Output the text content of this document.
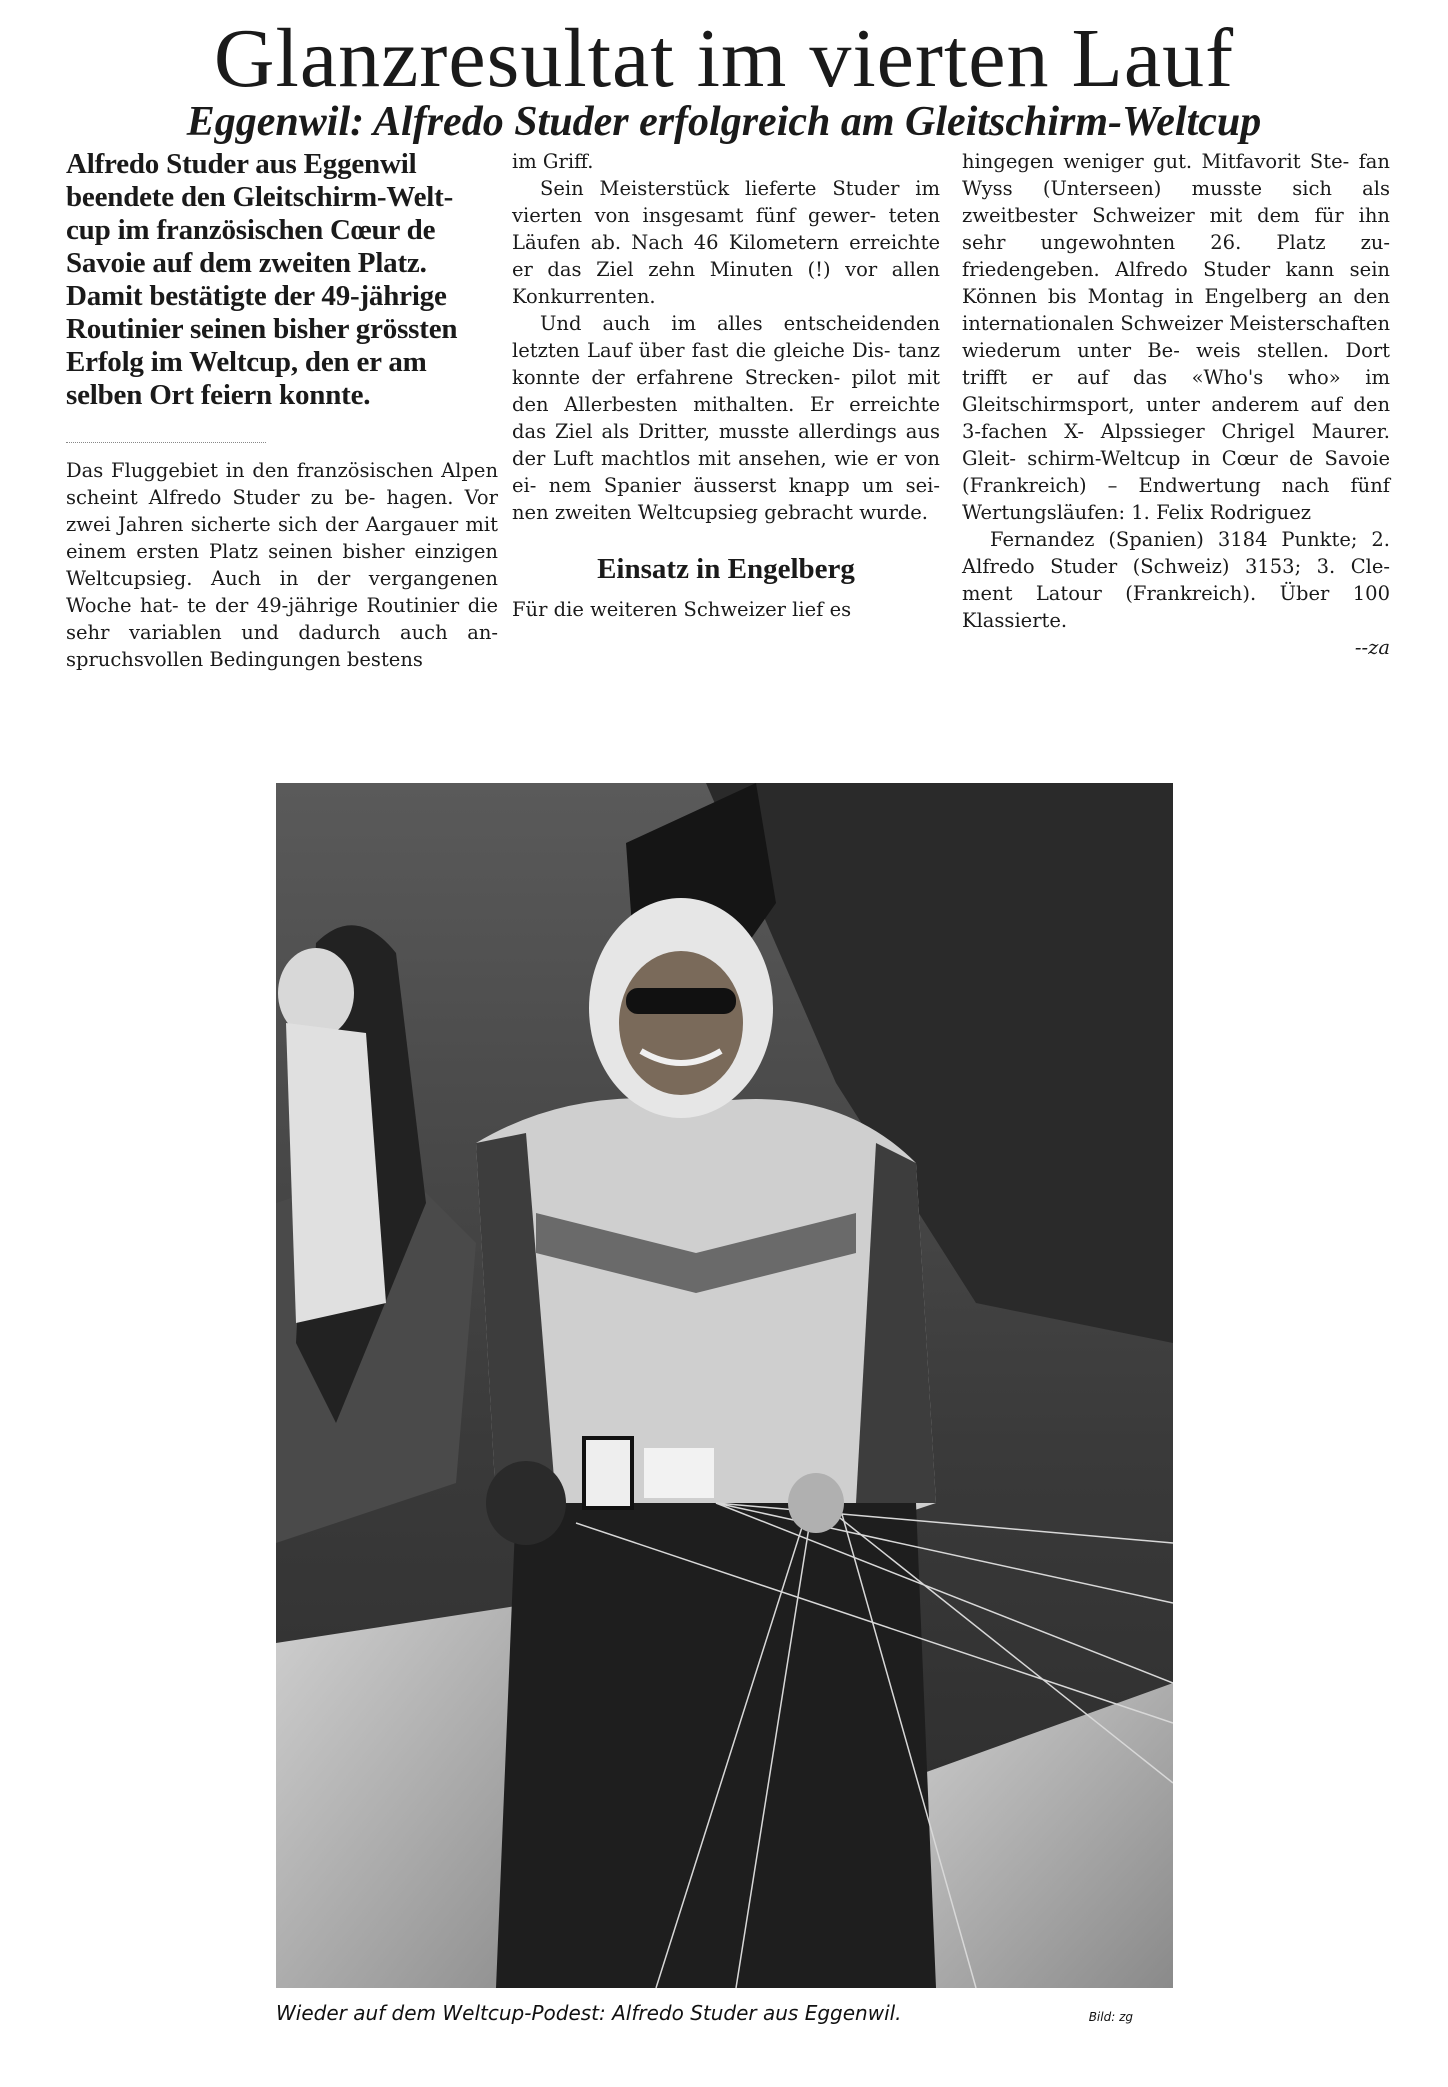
Glanzresultat im vierten Lauf
Eggenwil: Alfredo Studer erfolgreich am Gleitschirm-Weltcup

Alfredo Studer aus Eggenwil beendete den Gleitschirm-Welt- cup im französischen Cœur de Savoie auf dem zweiten Platz. Damit bestätigte der 49-jährige Routinier seinen bisher grössten Erfolg im Weltcup, den er am selben Ort feiern konnte.

Das Fluggebiet in den französischen Alpen scheint Alfredo Studer zu be- hagen. Vor zwei Jahren sicherte sich der Aargauer mit einem ersten Platz seinen bisher einzigen Weltcupsieg. Auch in der vergangenen Woche hat- te der 49-jährige Routinier die sehr variablen und dadurch auch an- spruchsvollen Bedingungen bestens

im Griff.

Sein Meisterstück lieferte Studer im vierten von insgesamt fünf gewer- teten Läufen ab. Nach 46 Kilometern erreichte er das Ziel zehn Minuten (!) vor allen Konkurrenten.

Und auch im alles entscheidenden letzten Lauf über fast die gleiche Dis- tanz konnte der erfahrene Strecken- pilot mit den Allerbesten mithalten. Er erreichte das Ziel als Dritter, musste allerdings aus der Luft machtlos mit ansehen, wie er von ei- nem Spanier äusserst knapp um sei- nen zweiten Weltcupsieg gebracht wurde.

Einsatz in Engelberg

Für die weiteren Schweizer lief es

hingegen weniger gut. Mitfavorit Ste- fan Wyss (Unterseen) musste sich als zweitbester Schweizer mit dem für ihn sehr ungewohnten 26. Platz zu- friedengeben. Alfredo Studer kann sein Können bis Montag in Engelberg an den internationalen Schweizer Meisterschaften wiederum unter Be- weis stellen. Dort trifft er auf das «Who's who» im Gleitschirmsport, unter anderem auf den 3-fachen X- Alpssieger Chrigel Maurer. Gleit- schirm-Weltcup in Cœur de Savoie (Frankreich) – Endwertung nach fünf Wertungsläufen: 1. Felix Rodriguez

Fernandez (Spanien) 3184 Punkte; 2. Alfredo Studer (Schweiz) 3153; 3. Cle- ment Latour (Frankreich). Über 100 Klassierte.

--za
Wieder auf dem Weltcup-Podest: Alfredo Studer aus Eggenwil.	Bild: zg
